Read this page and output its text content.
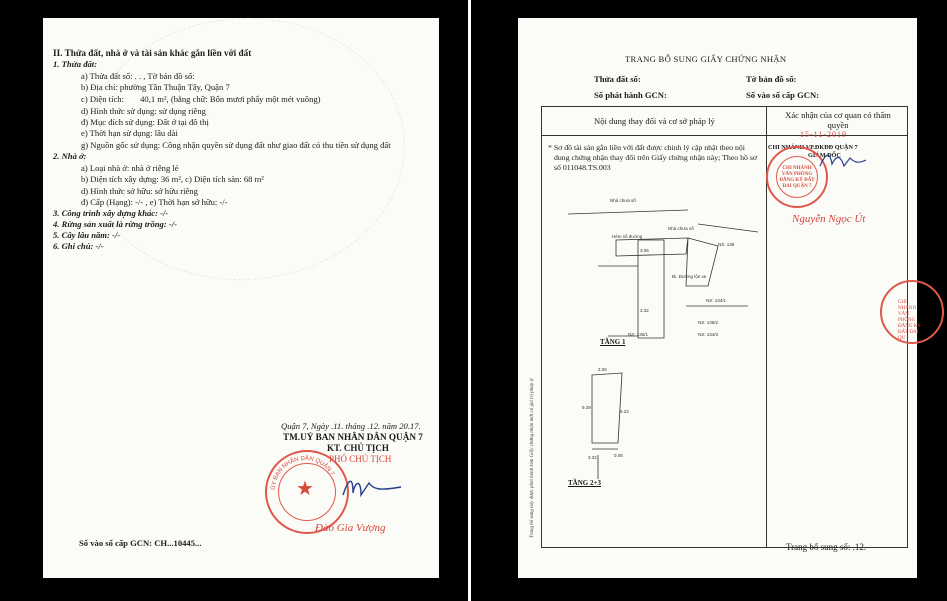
II. Thửa đất, nhà ở và tài sản khác gắn liền với đất
1. Thửa đất:
a) Thửa đất số: . . , Tờ bản đồ số:
b) Địa chỉ: phường Tân Thuận Tây, Quận 7
c) Diện tích: 40,1 m², (bằng chữ: Bốn mươi phẩy một mét vuông)
d) Hình thức sử dụng: sử dụng riêng
đ) Mục đích sử dụng: Đất ở tại đô thị
e) Thời hạn sử dụng: lâu dài
g) Nguồn gốc sử dụng: Công nhận quyền sử dụng đất như giao đất có thu tiền sử dụng đất
2. Nhà ở:
a) Loại nhà ở: nhà ở riêng lẻ
b) Diện tích xây dựng: 36 m², c) Diện tích sàn: 68 m²
d) Hình thức sở hữu: sở hữu riêng
đ) Cấp (Hạng): -/- , e) Thời hạn sở hữu: -/-
3. Công trình xây dựng khác: -/-
4. Rừng sản xuất là rừng trồng: -/-
5. Cây lâu năm: -/-
6. Ghi chú: -/-
Quận 7, Ngày .11. tháng .12. năm 20.17.
TM.UỶ BAN NHÂN DÂN QUẬN 7
KT. CHỦ TỊCH
PHÓ CHỦ TỊCH
★
ỦY BAN NHÂN DÂN QUẬN 7
Đào Gia Vượng
Số vào sổ cấp GCN: CH...10445...
TRANG BỔ SUNG GIẤY CHỨNG NHẬN
Thửa đất số:	Tờ bản đồ số:
Số phát hành GCN:	Số vào sổ cấp GCN:
Nội dung thay đổi và cơ sở pháp lý
Xác nhận của cơ quan có thẩm quyền
* Sơ đồ tài sản gắn liền với đất được chỉnh lý cập nhật theo nội
dung chứng nhận thay đổi trên Giấy chứng nhận này; Theo hồ sơ
số 011048.TS.003
15-11-2019
CHI NHÁNH VP.ĐKĐĐ QUẬN 7
GIÁM ĐỐC
CHI NHÁNH VĂN PHÒNG ĐĂNG KÝ ĐẤT ĐAI QUẬN 7
Nguyễn Ngọc Út
Nhà chưa số
Hẻm số đường
Nhà chưa số
NS: 136
Đi. Đường lộn xe
NS: 134/1
NS: 136/2
NS: 134/3
NS: 136/1
3.06
3.32
TẦNG 1
3.06
9.39
9.23
3.32	0.08
TẦNG 2+3
Trang bổ sung này được phát hành kèm Giấy chứng nhận mới có giá trị pháp lý
Trang bổ sung số: .12.
CHI NHÁNH VĂN PHÒNG ĐĂNG KÝ ĐẤT ĐAI QU
